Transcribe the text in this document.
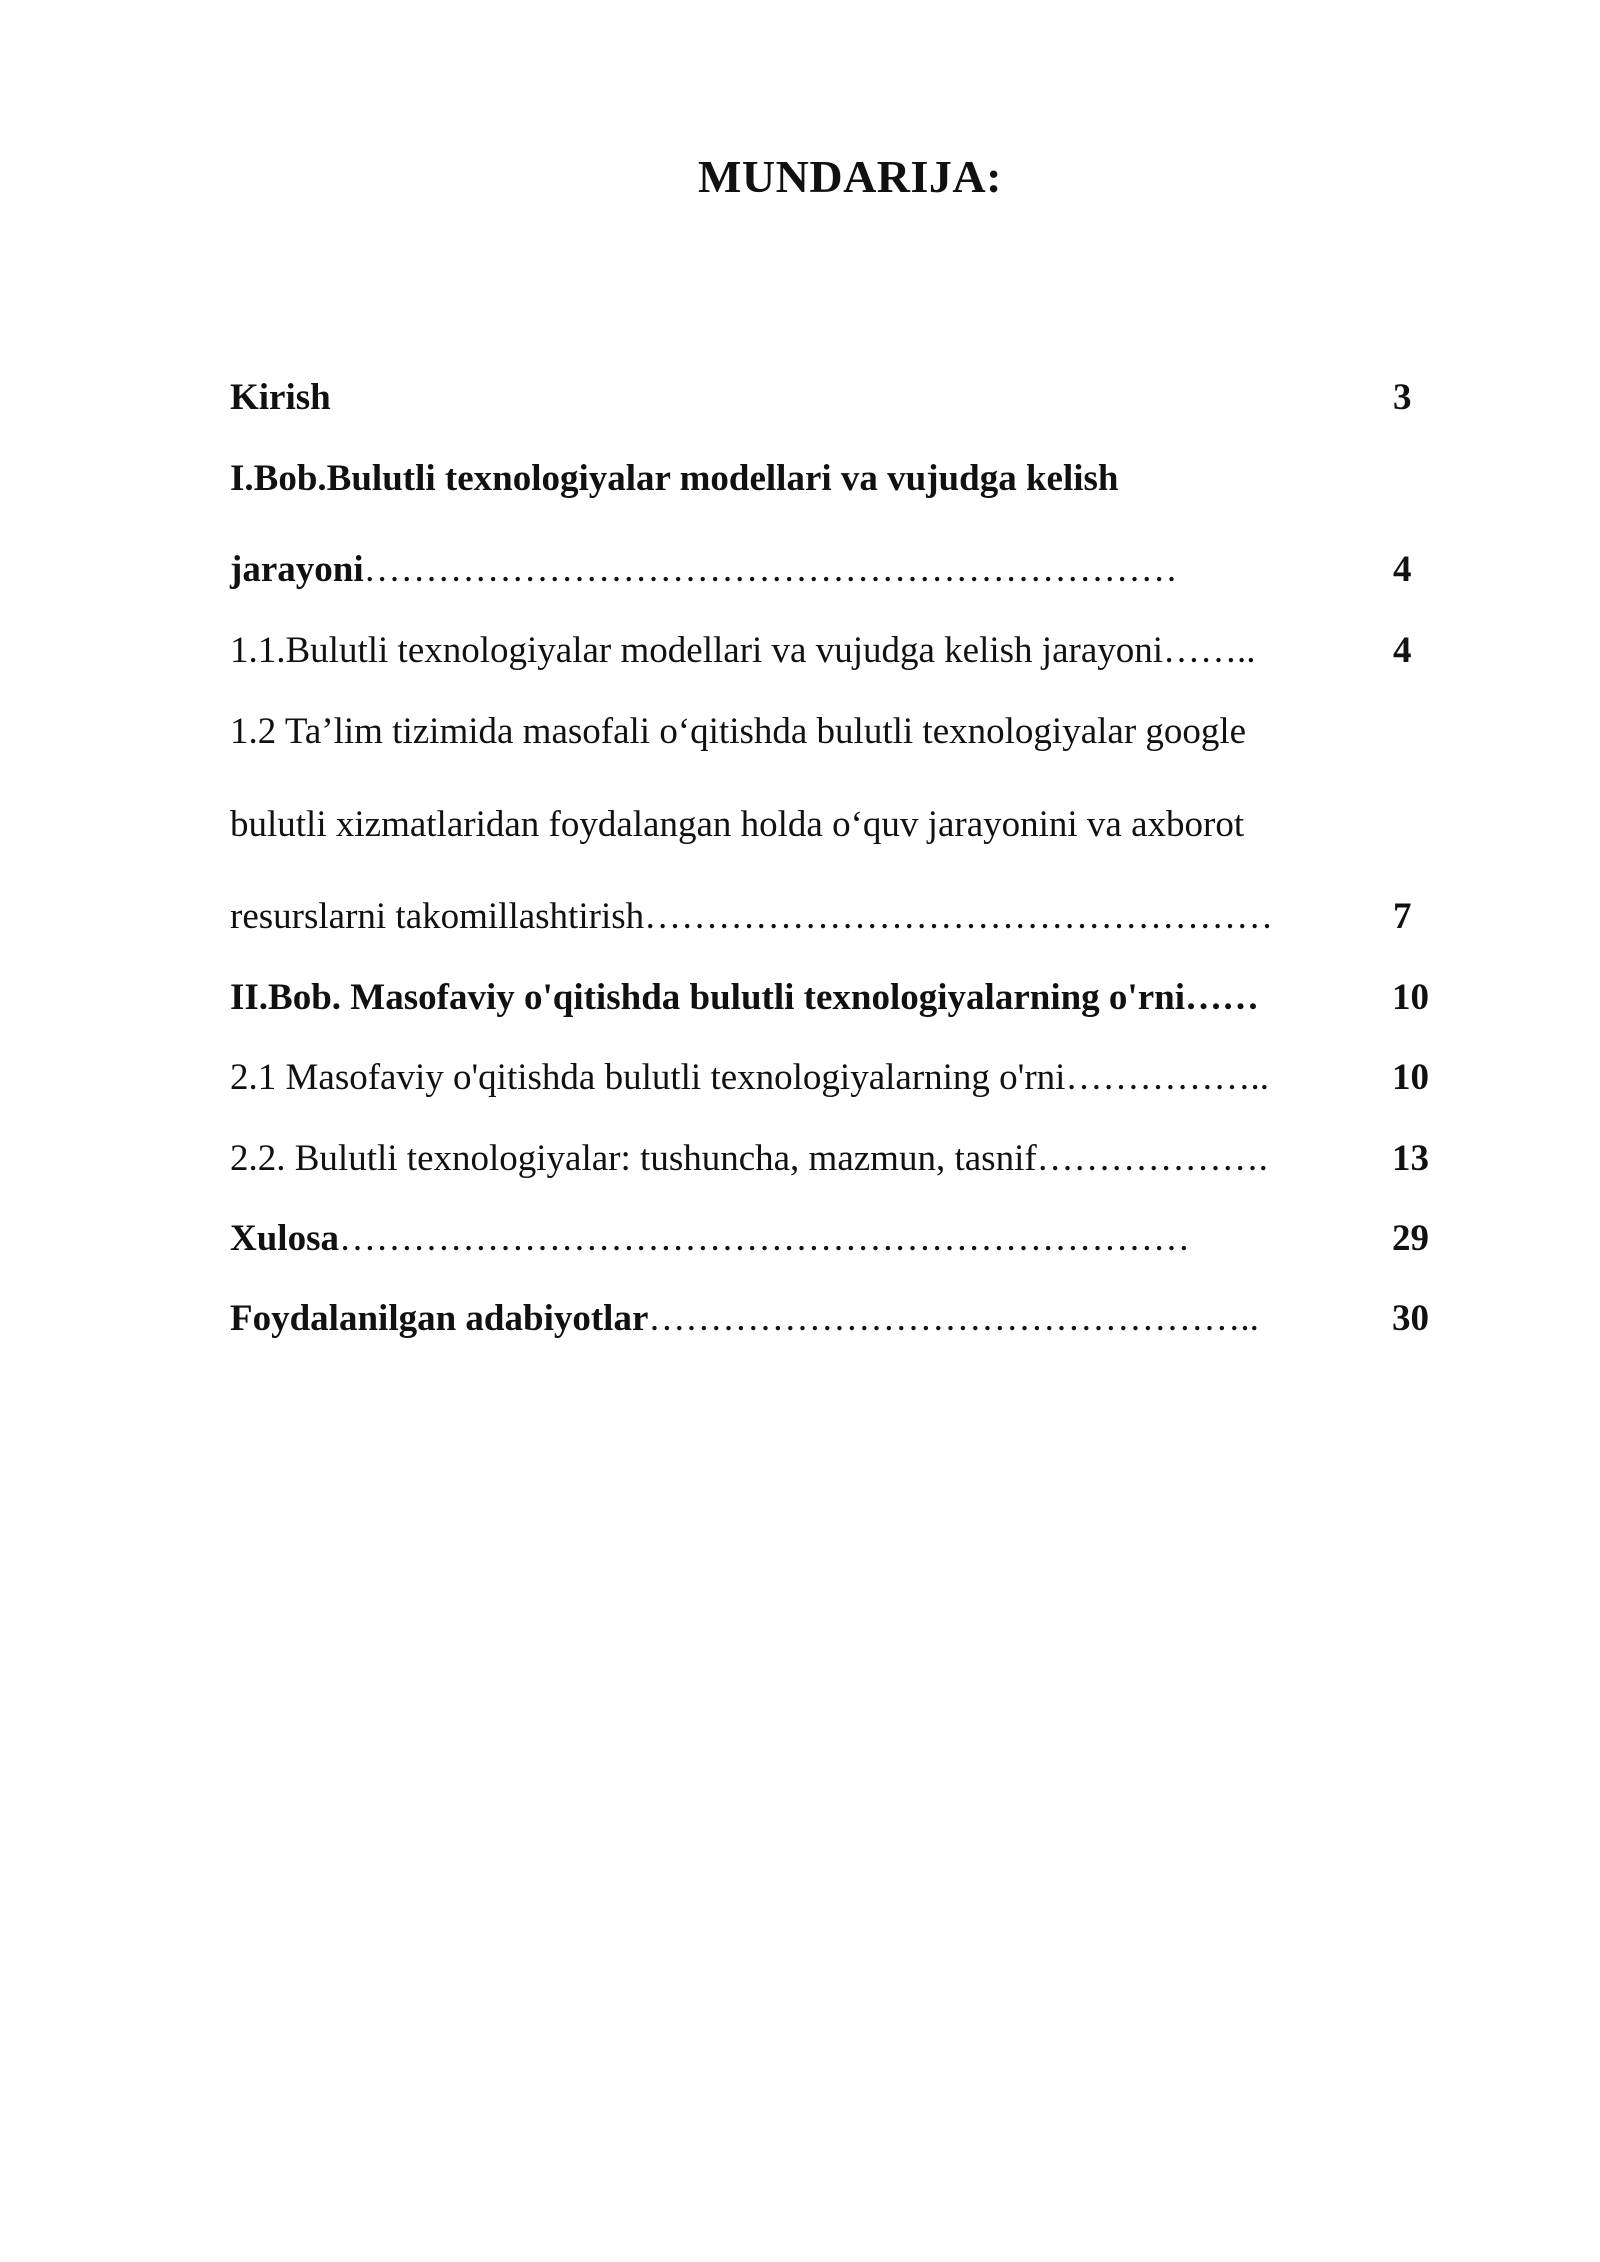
MUNDARIJA:
Kirish	3
I.Bob.Bulutli texnologiyalar modellari va vujudga kelish
jarayoni…………………………………………………………	4
1.1.Bulutli texnologiyalar modellari va vujudga kelish jarayoni……..	4
1.2 Ta’lim tizimida masofali o‘qitishda bulutli texnologiyalar google
bulutli xizmatlaridan foydalangan holda o‘quv jarayonini va axborot
resurslarni takomillashtirish……………………………………………	7
II.Bob. Masofaviy o'qitishda bulutli texnologiyalarning o'rni……	10
2.1 Masofaviy o'qitishda bulutli texnologiyalarning o'rni……………..	10
2.2. Bulutli texnologiyalar: tushuncha, mazmun, tasnif……………….	13
Xulosa……………………………………………………………	29
Foydalanilgan adabiyotlar…………………………………………..	30
